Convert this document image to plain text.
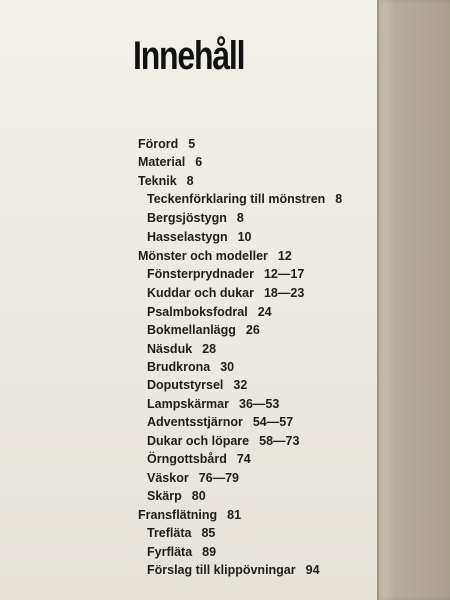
Innehåll
Förord 5
Material 6
Teknik 8
Teckenförklaring till mönstren 8
Bergsjöstygn 8
Hasselastygn 10
Mönster och modeller 12
Fönsterprydnader 12—17
Kuddar och dukar 18—23
Psalmboksfodral 24
Bokmellanlägg 26
Näsduk 28
Brudkrona 30
Doputstyrsel 32
Lampskärmar 36—53
Adventsstjärnor 54—57
Dukar och löpare 58—73
Örngottsbård 74
Väskor 76—79
Skärp 80
Fransflätning 81
Trefläta 85
Fyrfläta 89
Förslag till klippövningar 94
